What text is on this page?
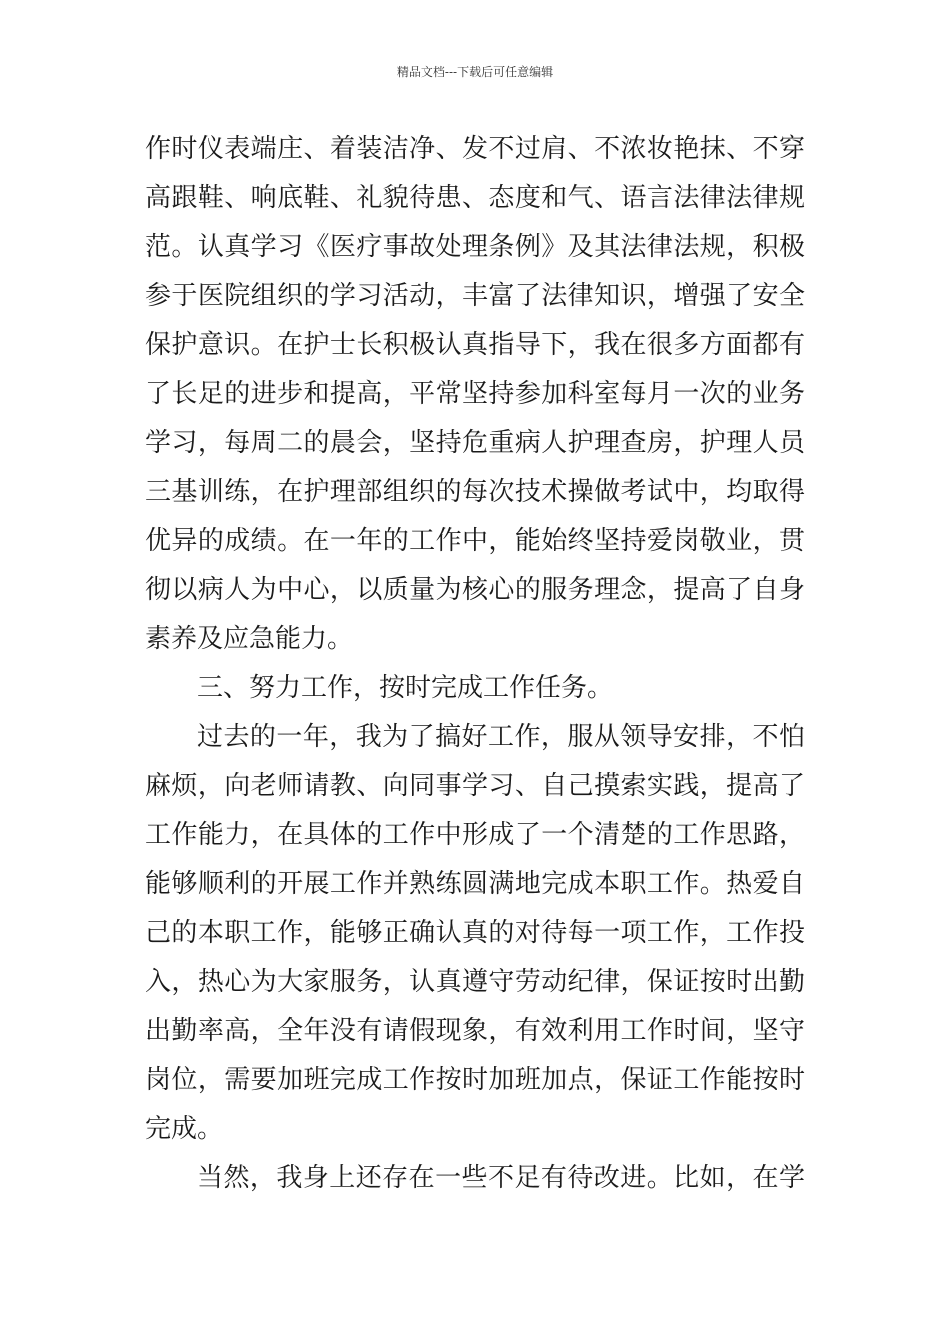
精品文档---下载后可任意编辑
作时仪表端庄、着装洁净、发不过肩、不浓妆艳抹、不穿
高跟鞋、响底鞋、礼貌待患、态度和气、语言法律法律规
范。认真学习《医疗事故处理条例》及其法律法规，积极
参于医院组织的学习活动，丰富了法律知识，增强了安全
保护意识。在护士长积极认真指导下，我在很多方面都有
了长足的进步和提高，平常坚持参加科室每月一次的业务
学习，每周二的晨会，坚持危重病人护理查房，护理人员
三基训练，在护理部组织的每次技术操做考试中，均取得
优异的成绩。在一年的工作中，能始终坚持爱岗敬业，贯
彻以病人为中心，以质量为核心的服务理念，提高了自身
素养及应急能力。
三、努力工作，按时完成工作任务。
过去的一年，我为了搞好工作，服从领导安排，不怕
麻烦，向老师请教、向同事学习、自己摸索实践，提高了
工作能力，在具体的工作中形成了一个清楚的工作思路，
能够顺利的开展工作并熟练圆满地完成本职工作。热爱自
己的本职工作，能够正确认真的对待每一项工作，工作投
入，热心为大家服务，认真遵守劳动纪律，保证按时出勤
出勤率高，全年没有请假现象，有效利用工作时间，坚守
岗位，需要加班完成工作按时加班加点，保证工作能按时
完成。
当然，我身上还存在一些不足有待改进。比如，在学
